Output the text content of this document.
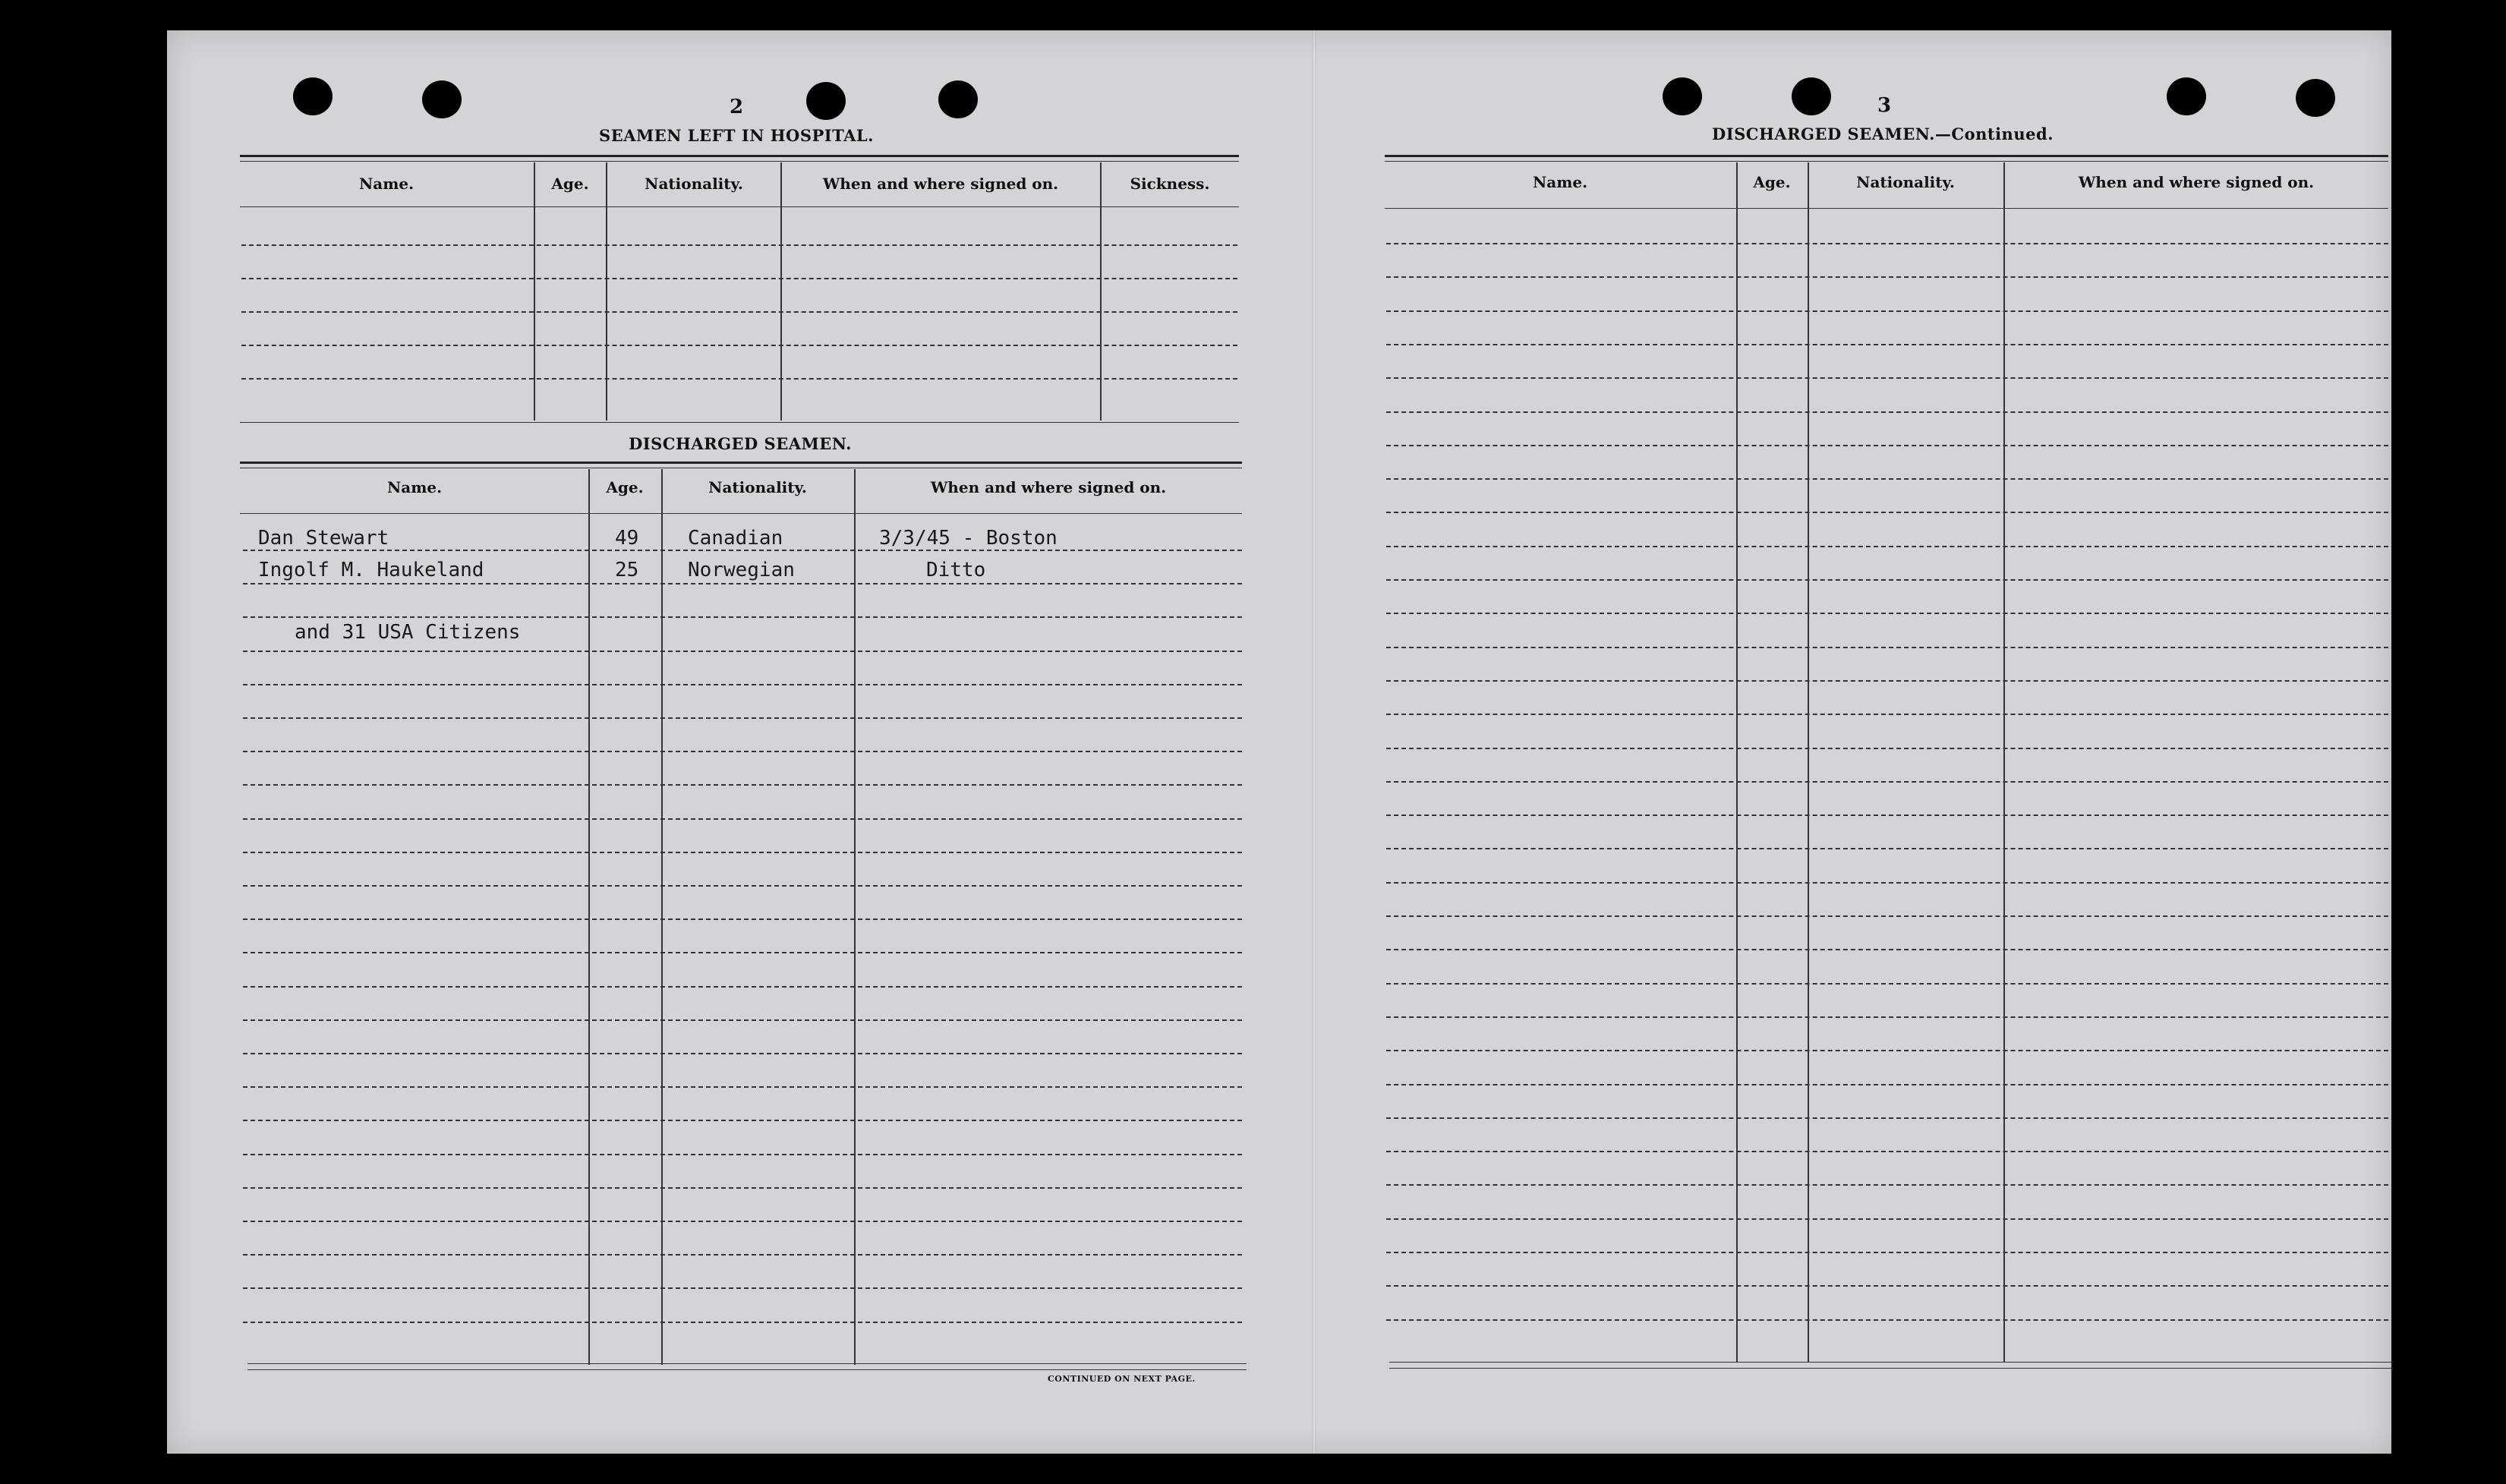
2
SEAMEN LEFT IN HOSPITAL.
Name.	Age.	Nationality.	When and where signed on.	Sickness.
DISCHARGED SEAMEN.
Name.	Age.	Nationality.	When and where signed on.
Dan Stewart	49 Canadian	3/3/45 - Boston
Ingolf M. Haukeland	25 Norwegian	Ditto
and 31 USA Citizens
CONTINUED ON NEXT PAGE.
3
DISCHARGED SEAMEN.—Continued.
Name.	Age.	Nationality.	When and where signed on.
